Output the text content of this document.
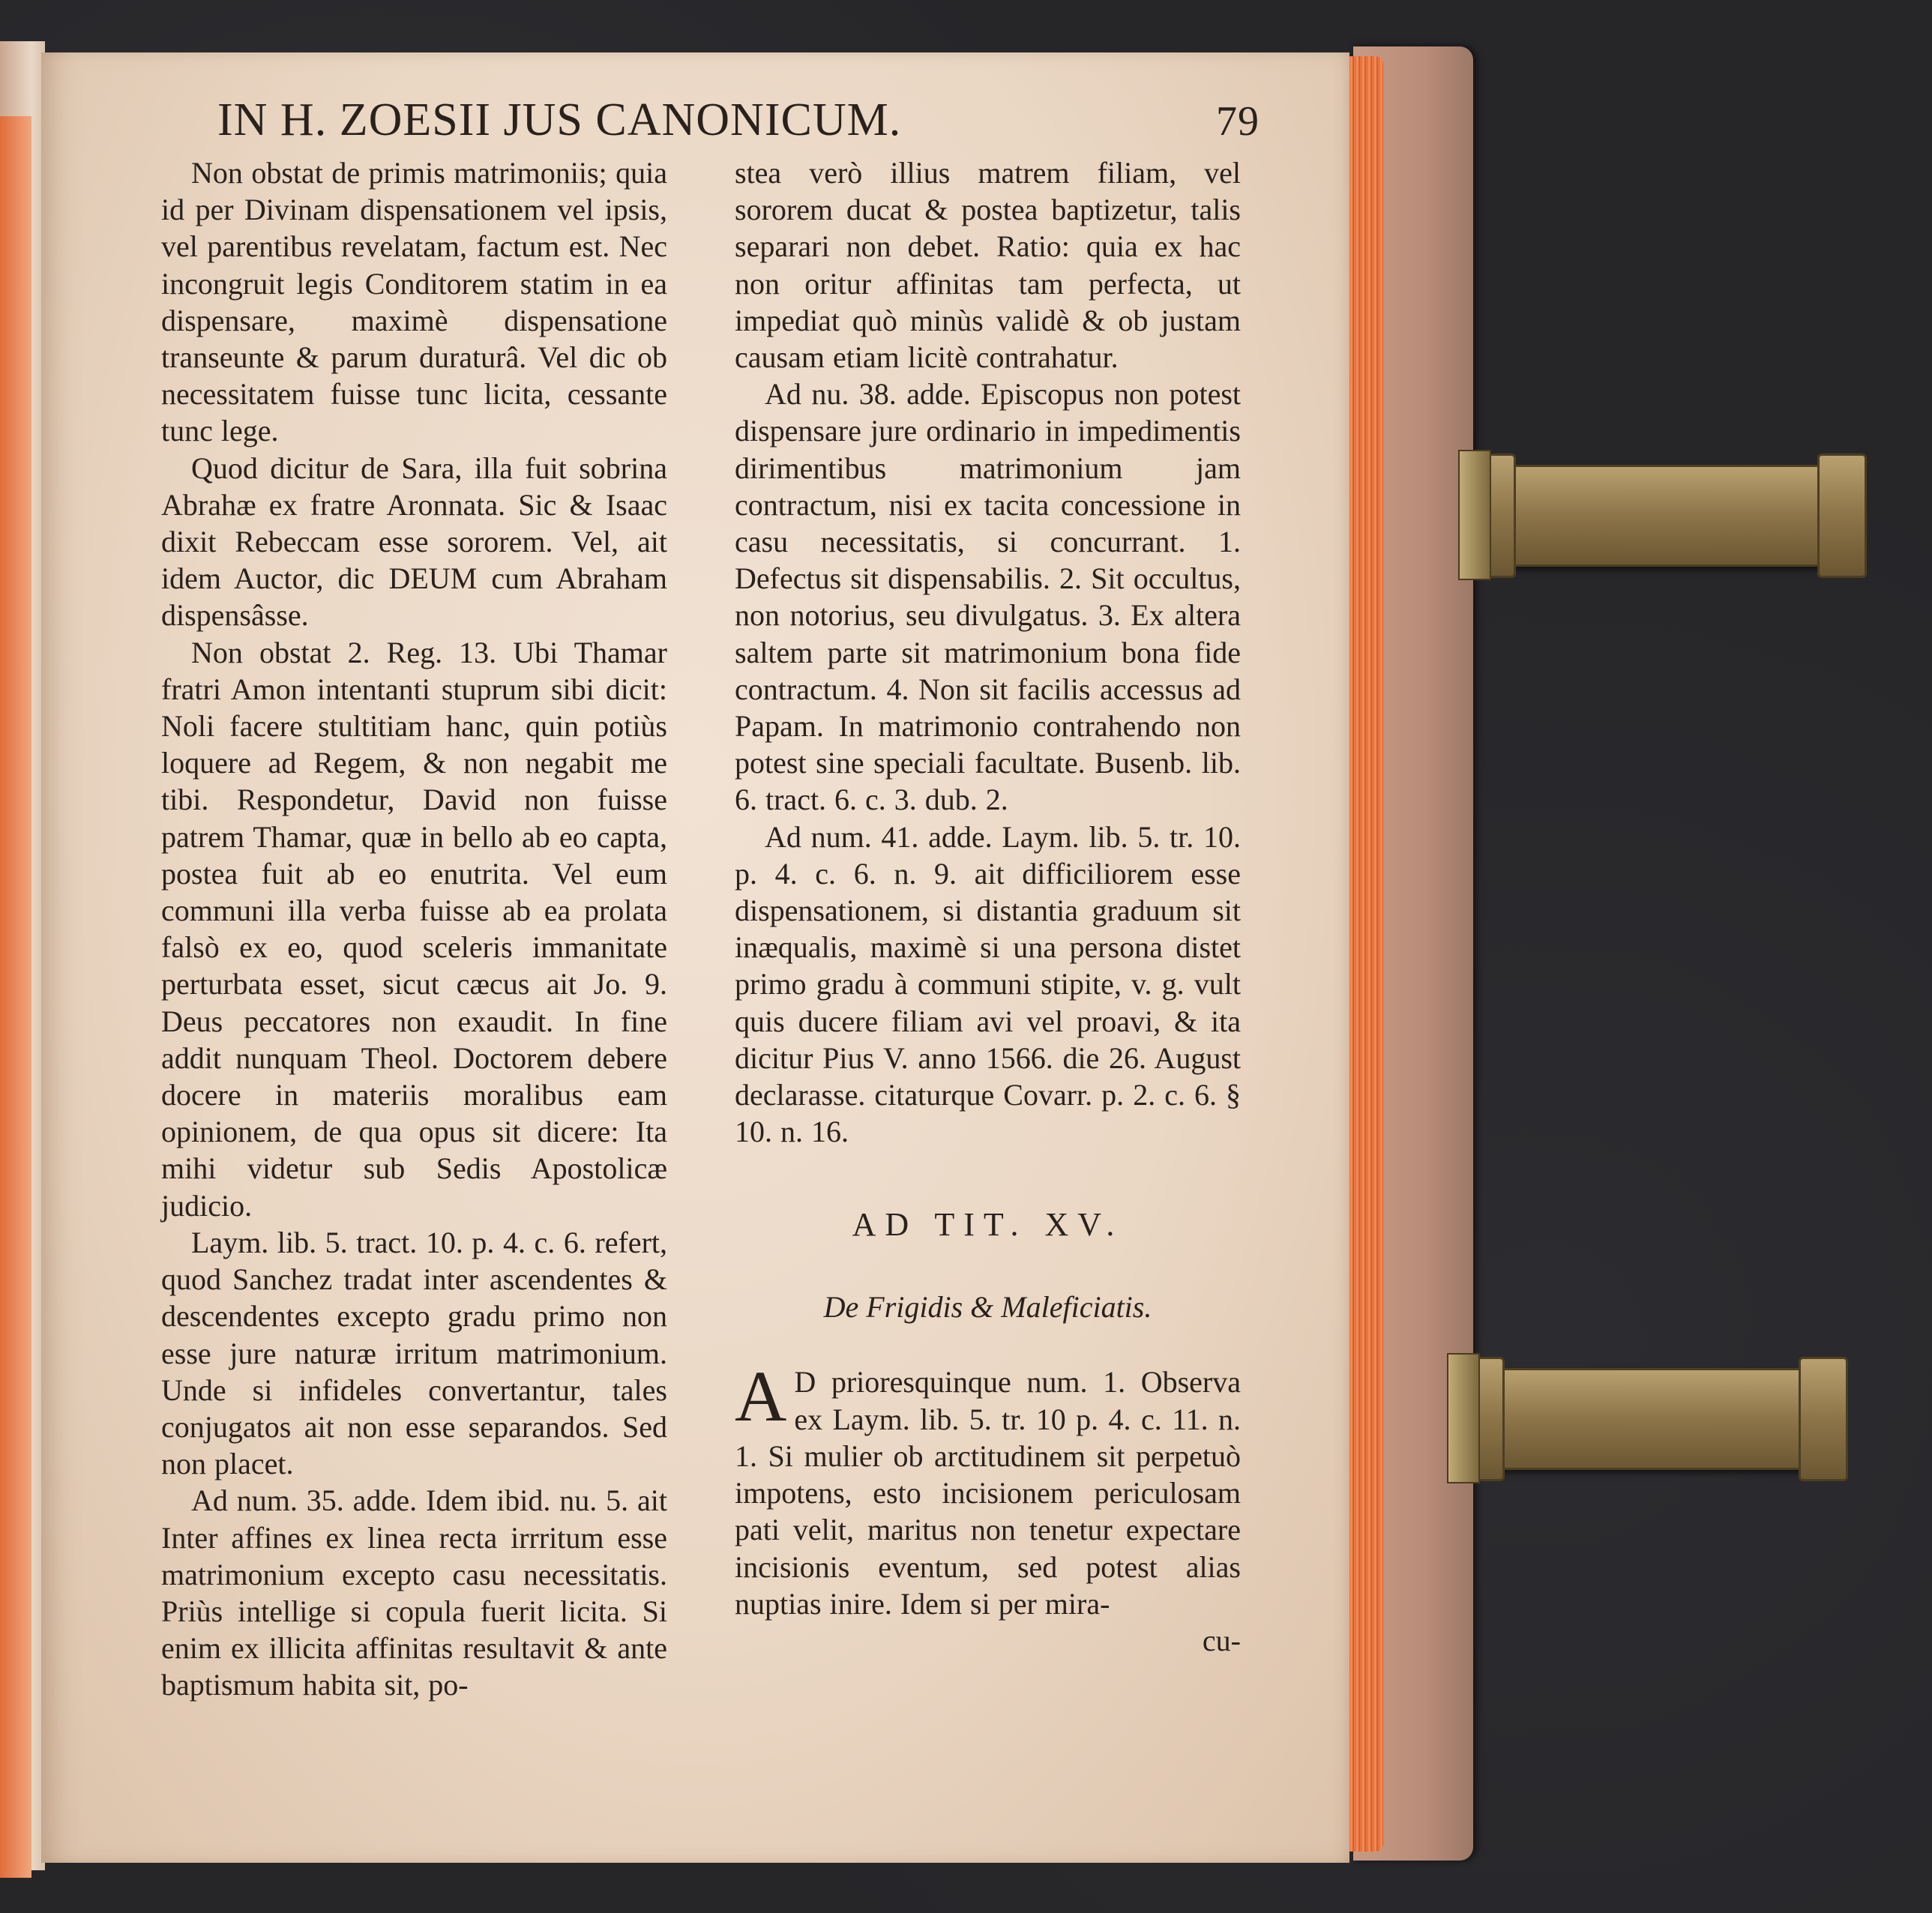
IN H. ZOESII JUS CANONICUM.	79

Non obstat de primis matrimoniis; quia id per Divinam dispensationem vel ipsis, vel parentibus revelatam, factum est. Nec incongruit legis Conditorem statim in ea dispensare, maximè dispensatione transeunte & parum duraturâ. Vel dic ob necessitatem fuisse tunc licita, cessante tunc lege.

Quod dicitur de Sara, illa fuit sobrina Abrahæ ex fratre Aronnata. Sic & Isaac dixit Rebeccam esse sororem. Vel, ait idem Auctor, dic DEUM cum Abraham dispensâsse.

Non obstat 2. Reg. 13. Ubi Thamar fratri Amon intentanti stuprum sibi dicit: Noli facere stultitiam hanc, quin potiùs loquere ad Regem, & non negabit me tibi. Respondetur, David non fuisse patrem Thamar, quæ in bello ab eo capta, postea fuit ab eo enutrita. Vel eum communi illa verba fuisse ab ea prolata falsò ex eo, quod sceleris immanitate perturbata esset, sicut cæcus ait Jo. 9. Deus peccatores non exaudit. In fine addit nunquam Theol. Doctorem debere docere in materiis moralibus eam opinionem, de qua opus sit dicere: Ita mihi videtur sub Sedis Apostolicæ judicio.

Laym. lib. 5. tract. 10. p. 4. c. 6. refert, quod Sanchez tradat inter ascendentes & descendentes excepto gradu primo non esse jure naturæ irritum matrimonium. Unde si infideles convertantur, tales conjugatos ait non esse separandos. Sed non placet.

Ad num. 35. adde. Idem ibid. nu. 5. ait Inter affines ex linea recta irrritum esse matrimonium excepto casu necessitatis. Priùs intellige si copula fuerit licita. Si enim ex illicita affinitas resultavit & ante baptismum habita sit, po-

stea verò illius matrem filiam, vel sororem ducat & postea baptizetur, talis separari non debet. Ratio: quia ex hac non oritur affinitas tam perfecta, ut impediat quò minùs validè & ob justam causam etiam licitè contrahatur.

Ad nu. 38. adde. Episcopus non potest dispensare jure ordinario in impedimentis dirimentibus matrimonium jam contractum, nisi ex tacita concessione in casu necessitatis, si concurrant. 1. Defectus sit dispensabilis. 2. Sit occultus, non notorius, seu divulgatus. 3. Ex altera saltem parte sit matrimonium bona fide contractum. 4. Non sit facilis accessus ad Papam. In matrimonio contrahendo non potest sine speciali facultate. Busenb. lib. 6. tract. 6. c. 3. dub. 2.

Ad num. 41. adde. Laym. lib. 5. tr. 10. p. 4. c. 6. n. 9. ait difficiliorem esse dispensationem, si distantia graduum sit inæqualis, maximè si una persona distet primo gradu à communi stipite, v. g. vult quis ducere filiam avi vel proavi, & ita dicitur Pius V. anno 1566. die 26. August declarasse. citaturque Covarr. p. 2. c. 6. § 10. n. 16.

AD TIT. XV.
De Frigidis & Maleficiatis.

A D prioresquinque num. 1. Observa ex Laym. lib. 5. tr. 10 p. 4. c. 11. n. 1. Si mulier ob arctitudinem sit perpetuò impotens, esto incisionem periculosam pati velit, maritus non tenetur expectare incisionis eventum, sed potest alias nuptias inire. Idem si per mira-

cu-
